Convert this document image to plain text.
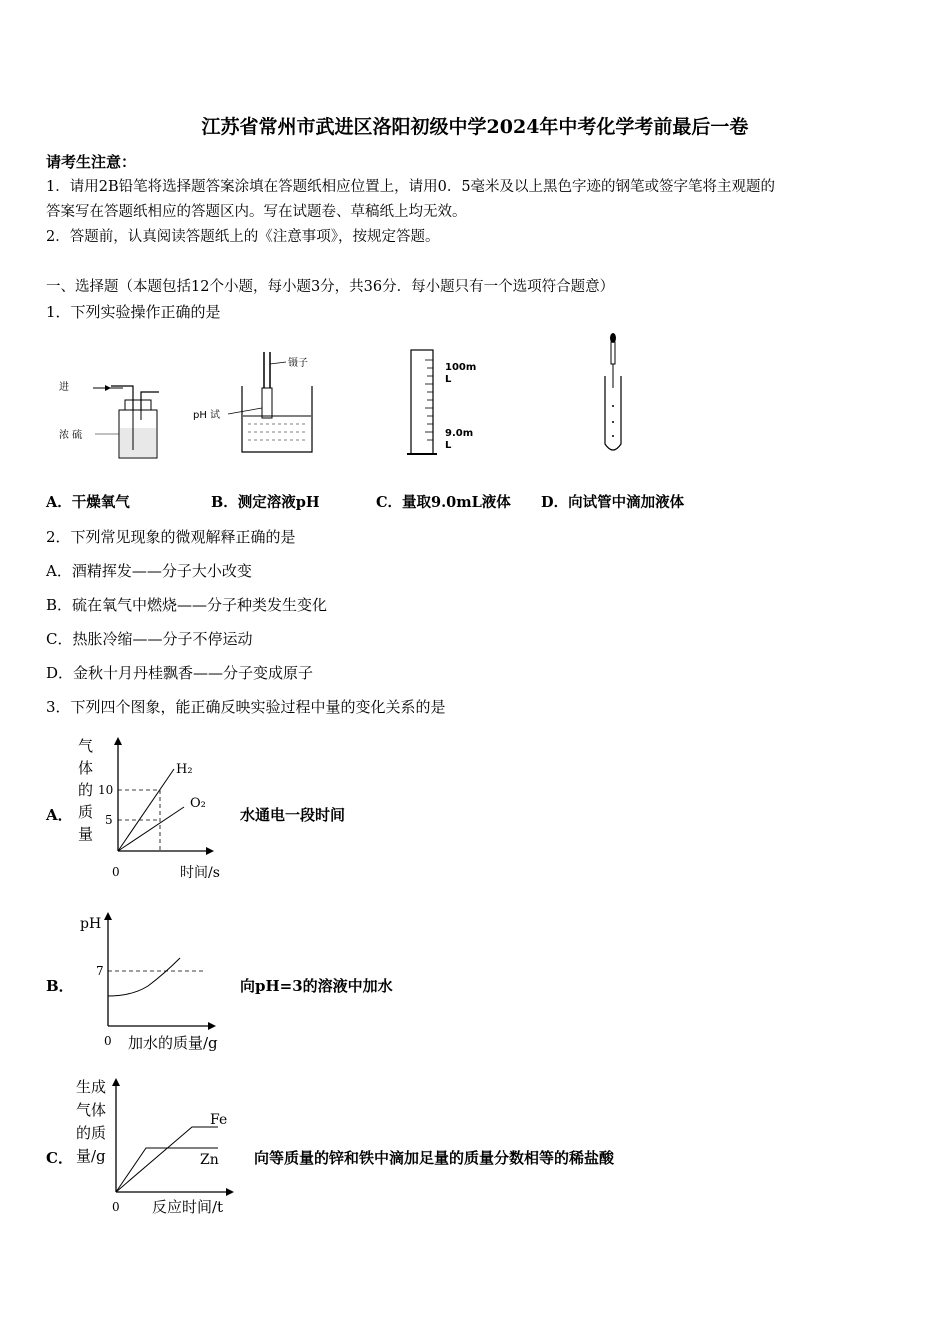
江苏省常州市武进区洛阳初级中学2024年中考化学考前最后一卷
请考生注意：
1．请用2B铅笔将选择题答案涂填在答题纸相应位置上，请用0．5毫米及以上黑色字迹的钢笔或签字笔将主观题的
答案写在答题纸相应的答题区内。写在试题卷、草稿纸上均无效。
2．答题前，认真阅读答题纸上的《注意事项》，按规定答题。
一、选择题（本题包括12个小题，每小题3分，共36分．每小题只有一个选项符合题意）
1．下列实验操作正确的是
进
浓 硫
镊子
pH 试
100m
L
9.0m
L
A．干燥氧气	B．测定溶液pH	C．量取9.0mL液体 D．向试管中滴加液体
2．下列常见现象的微观解释正确的是
A．酒精挥发——分子大小改变
B．硫在氧气中燃烧——分子种类发生变化
C．热胀冷缩——分子不停运动
D．金秋十月丹桂飘香——分子变成原子
3．下列四个图象，能正确反映实验过程中量的变化关系的是
A．
气
体
的
质
量
10
5
0	时间/s
H₂
O₂
水通电一段时间
B．
pH
7
0 加水的质量/g
向pH=3的溶液中加水
C．
生成
气体
的质
量/g
0 反应时间/t
Fe
Zn 向等质量的锌和铁中滴加足量的质量分数相等的稀盐酸
